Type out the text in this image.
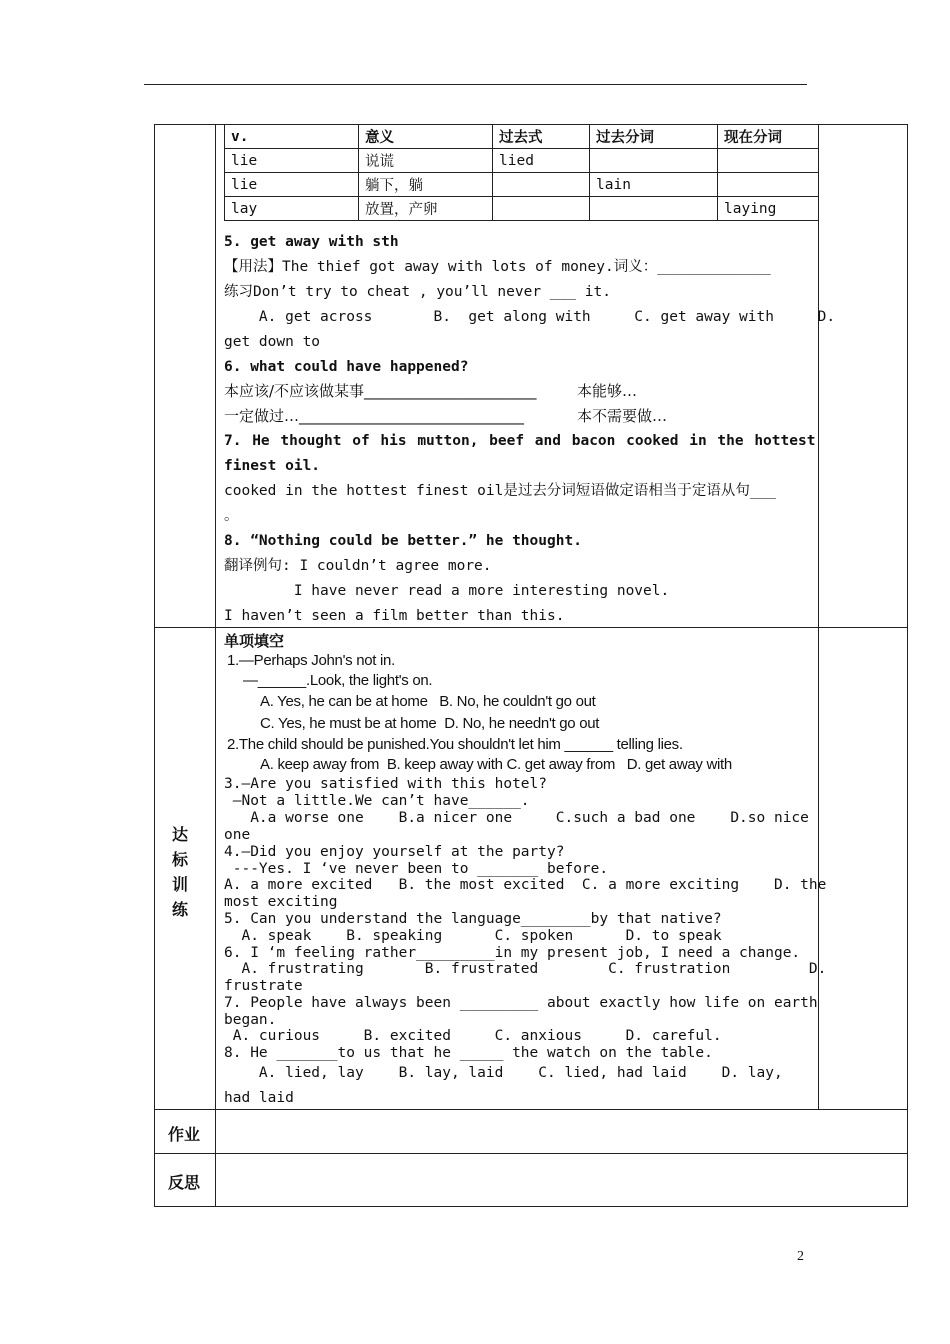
v.	意义	过去式	过去分词	现在分词
lie	说谎	lied		
lie	躺下，躺		lain	
lay	放置，产卵			laying
5. get away with sth
【用法】The thief got away with lots of money.词义：_____________
练习Don’t try to cheat , you’ll never ___ it.
A. get across       B.  get along with     C. get away with     D.
get down to
6. what could have happened?
本应该/不应该做某事_______________________	本能够…
一定做过…______________________________	本不需要做…
7. He thought of his mutton, beef and bacon cooked in the hottest
finest oil.
cooked in the hottest finest oil是过去分词短语做定语相当于定语从句___
。
8. “Nothing could be better.” he thought.
翻译例句: I couldn’t agree more.
I have never read a more interesting novel.
I haven’t seen a film better than this.
达
标
训
练
单项填空
1.—Perhaps John's not in.
—______.Look, the light's on.
A. Yes, he can be at home   B. No, he couldn't go out
C. Yes, he must be at home  D. No, he needn't go out
2.The child should be punished.You shouldn't let him ______ telling lies.
A. keep away from  B. keep away with C. get away from   D. get away with
3.—Are you satisfied with this hotel?
—Not a little.We can’t have______.
A.a worse one    B.a nicer one     C.such a bad one    D.so nice
one
4.—Did you enjoy yourself at the party?
---Yes. I ‘ve never been to _______ before.
A. a more excited   B. the most excited  C. a more exciting    D. the
most exciting
5. Can you understand the language________by that native?
A. speak    B. speaking      C. spoken      D. to speak
6. I ‘m feeling rather_________in my present job, I need a change.
A. frustrating       B. frustrated        C. frustration         D.
frustrate
7. People have always been _________ about exactly how life on earth
began.
A. curious     B. excited     C. anxious     D. careful.
8. He _______to us that he _____ the watch on the table.
A. lied, lay    B. lay, laid    C. lied, had laid    D. lay,
had laid
作业
反思
2
